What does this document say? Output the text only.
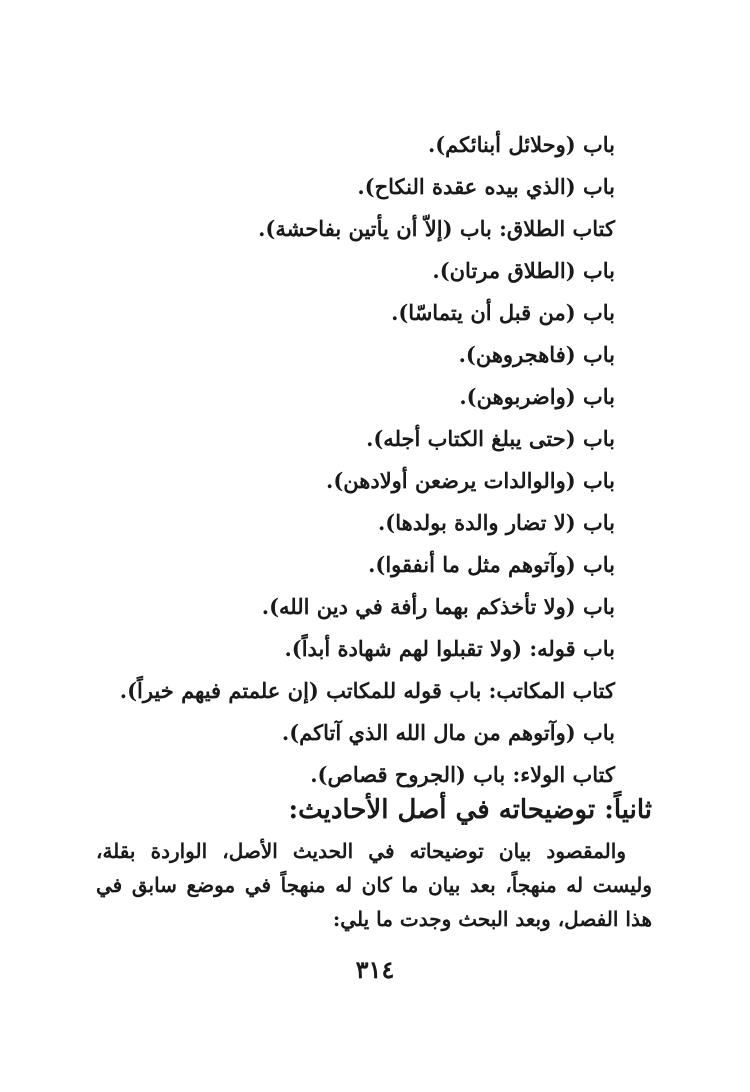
باب (وحلائل أبنائكم).
باب (الذي بيده عقدة النكاح).
كتاب الطلاق: باب (إلاّ أن يأتين بفاحشة).
باب (الطلاق مرتان).
باب (من قبل أن يتماسّا).
باب (فاهجروهن).
باب (واضربوهن).
باب (حتى يبلغ الكتاب أجله).
باب (والوالدات يرضعن أولادهن).
باب (لا تضار والدة بولدها).
باب (وآتوهم مثل ما أنفقوا).
باب (ولا تأخذكم بهما رأفة في دين الله).
باب قوله: (ولا تقبلوا لهم شهادة أبداً).
كتاب المكاتب: باب قوله للمكاتب (إن علمتم فيهم خيراً).
باب (وآتوهم من مال الله الذي آتاكم).
كتاب الولاء: باب (الجروح قصاص).
ثانياً: توضيحاته في أصل الأحاديث:

والمقصود بيان توضيحاته في الحديث الأصل، الواردة بقلة، وليست له منهجاً، بعد بيان ما كان له منهجاً في موضع سابق في هذا الفصل، وبعد البحث وجدت ما يلي:

٣١٤
